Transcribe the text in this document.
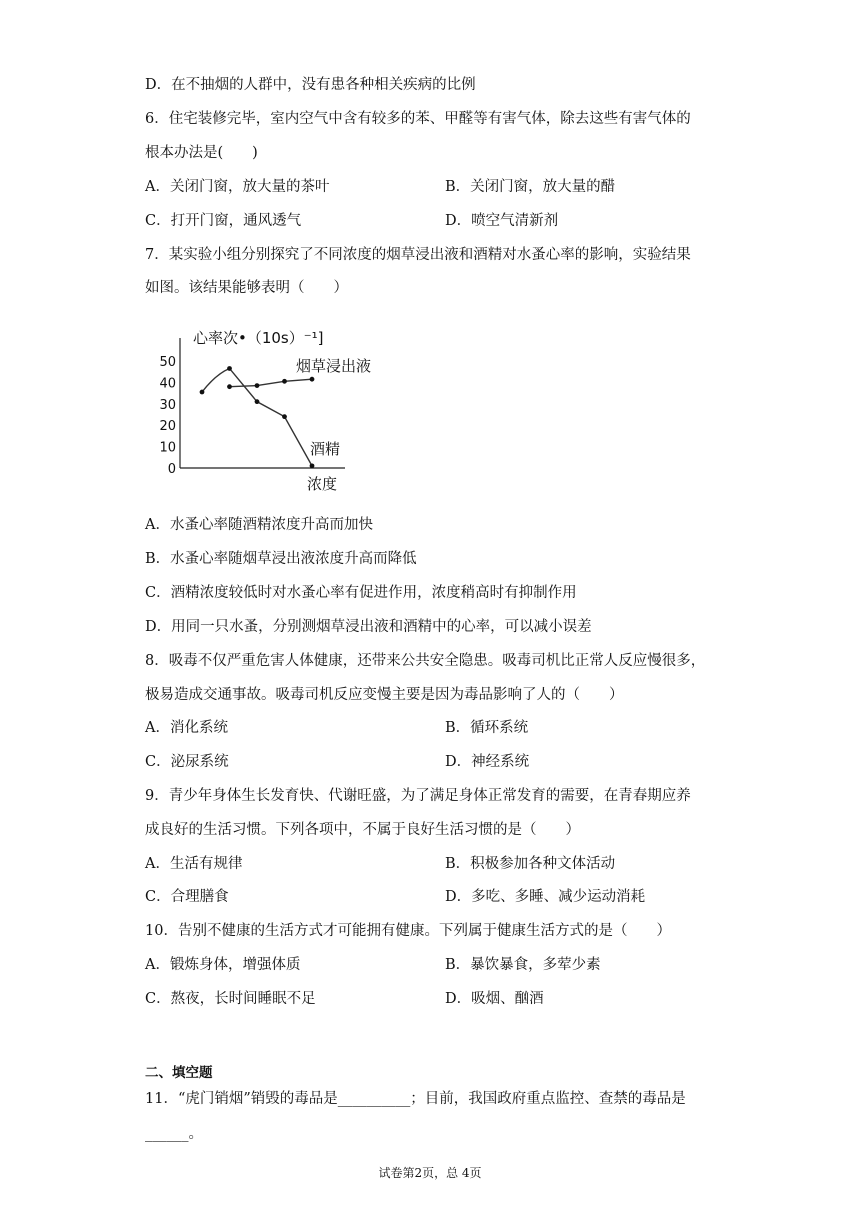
D．在不抽烟的人群中，没有患各种相关疾病的比例
6．住宅装修完毕，室内空气中含有较多的苯、甲醛等有害气体，除去这些有害气体的
根本办法是(　　)
A．关闭门窗，放大量的茶叶	B．关闭门窗，放大量的醋
C．打开门窗，通风透气	D．喷空气清新剂
7．某实验小组分别探究了不同浓度的烟草浸出液和酒精对水蚤心率的影响，实验结果
如图。该结果能够表明（　　）
50
40
30
20
10
0
心率次•（10s）⁻¹]
浓度
烟草浸出液
酒精
A．水蚤心率随酒精浓度升高而加快
B．水蚤心率随烟草浸出液浓度升高而降低
C．酒精浓度较低时对水蚤心率有促进作用，浓度稍高时有抑制作用
D．用同一只水蚤，分别测烟草浸出液和酒精中的心率，可以减小误差
8．吸毒不仅严重危害人体健康，还带来公共安全隐患。吸毒司机比正常人反应慢很多，
极易造成交通事故。吸毒司机反应变慢主要是因为毒品影响了人的（　　）
A．消化系统	B．循环系统
C．泌尿系统	D．神经系统
9．青少年身体生长发育快、代谢旺盛，为了满足身体正常发育的需要，在青春期应养
成良好的生活习惯。下列各项中，不属于良好生活习惯的是（　　）
A．生活有规律	B．积极参加各种文体活动
C．合理膳食	D．多吃、多睡、减少运动消耗
10．告别不健康的生活方式才可能拥有健康。下列属于健康生活方式的是（　　）
A．锻炼身体，增强体质	B．暴饮暴食，多荤少素
C．熬夜，长时间睡眠不足	D．吸烟、酗酒
二、填空题
11．“虎门销烟”销毁的毒品是__________；目前，我国政府重点监控、查禁的毒品是
______。
试卷第2页，总 4页
